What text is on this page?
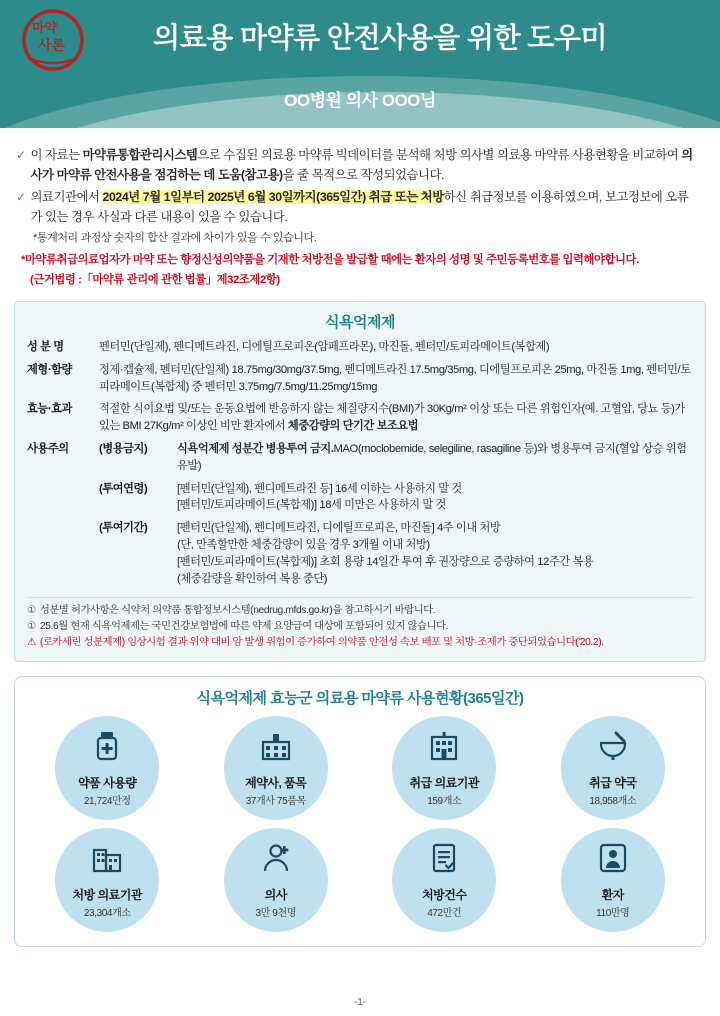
마약
사론	의료용 마약류 안전사용을 위한 도우미
OO병원 의사 OOO님
✓ 이 자료는 마약류통합관리시스템으로 수집된 의료용 마약류 빅데이터를 분석해 처방 의사별 의료용 마약류 사용현황을 비교하여 의사가 마약류 안전사용을 점검하는 데 도움(참고용)을 줄 목적으로 작성되었습니다.
✓ 의료기관에서 2024년 7월 1일부터 2025년 6월 30일까지(365일간) 취급 또는 처방하신 취급정보를 이용하였으며, 보고정보에 오류가 있는 경우 사실과 다른 내용이 있을 수 있습니다.
*통계처리 과정상 숫자의 합산 결과에 차이가 있을 수 있습니다.
*마약류취급의료업자가 마약 또는 향정신성의약품을 기재한 처방전을 발급할 때에는 환자의 성명 및 주민등록번호를 입력해야합니다.
(근거법령 :「마약류 관리에 관한 법률」제32조제2항)
식욕억제제
성 분 명	펜터민(단일제), 펜디메트라진, 디에틸프로피온(암페프라몬), 마진돌, 펜터민/토피라메이트(복합제)	
제형·함량	정제·캡슐제, 펜터민(단일제) 18.75mg/30mg/37.5mg, 펜디메트라진 17.5mg/35mg, 디에틸프로피온 25mg, 마진돌 1mg, 펜터민/토피라메이트(복합제) 중 펜터민 3.75mg/7.5mg/11.25mg/15mg	
효능·효과	적절한 식이요법 및/또는 운동요법에 반응하지 않는 체질량지수(BMI)가 30Kg/m² 이상 또는 다른 위험인자(예. 고혈압, 당뇨 등)가 있는 BMI 27Kg/m² 이상인 비만 환자에서 체중감량의 단기간 보조요법	
사용주의	(병용금지)	식욕억제제 성분간 병용투여 금지.MAO(moclobemide, selegiline, rasagiline 등)와 병용투여 금지(혈압 상승 위험 유발)
	(투여연령)	[펜터민(단일제), 펜디메트라진 등] 16세 이하는 사용하지 말 것
[펜터민/토피라메이트(복합제)] 18세 미만은 사용하지 말 것

	(투여기간)	[펜터민(단일제), 펜디메트라진, 디에틸프로피온, 마진돌] 4주 이내 처방
(단, 만족할만한 체중감량이 있을 경우 3개월 이내 처방)
[펜터민/토피라메이트(복합제)] 초회 용량 14일간 투여 후 권장량으로 증량하여 12주간 복용
(체중감량을 확인하여 복용 중단)
① 성분별 허가사항은 식약처 의약품 통합정보시스템(nedrug.mfds.go.kr)을 참고하시기 바랍니다.
① 25.6월 현재 식욕억제제는 국민건강보험법에 따른 약제 요양급여 대상에 포함되어 있지 않습니다.
⚠ (로카세린 성분제제) 임상시험 결과 위약 대비 암 발생 위험이 증가하여 의약품 안전성 속보 배포 및 처방·조제가 중단되었습니다('20.2).
식욕억제제 효능군 의료용 마약류 사용현황(365일간)
약품 사용량
21,724만정
제약사, 품목
37개사 75품목
취급 의료기관
159개소
취급 약국
18,958개소
처방 의료기관
23,304개소
의사
3만 9천명
처방건수
472만건
환자
110만명
-1-
